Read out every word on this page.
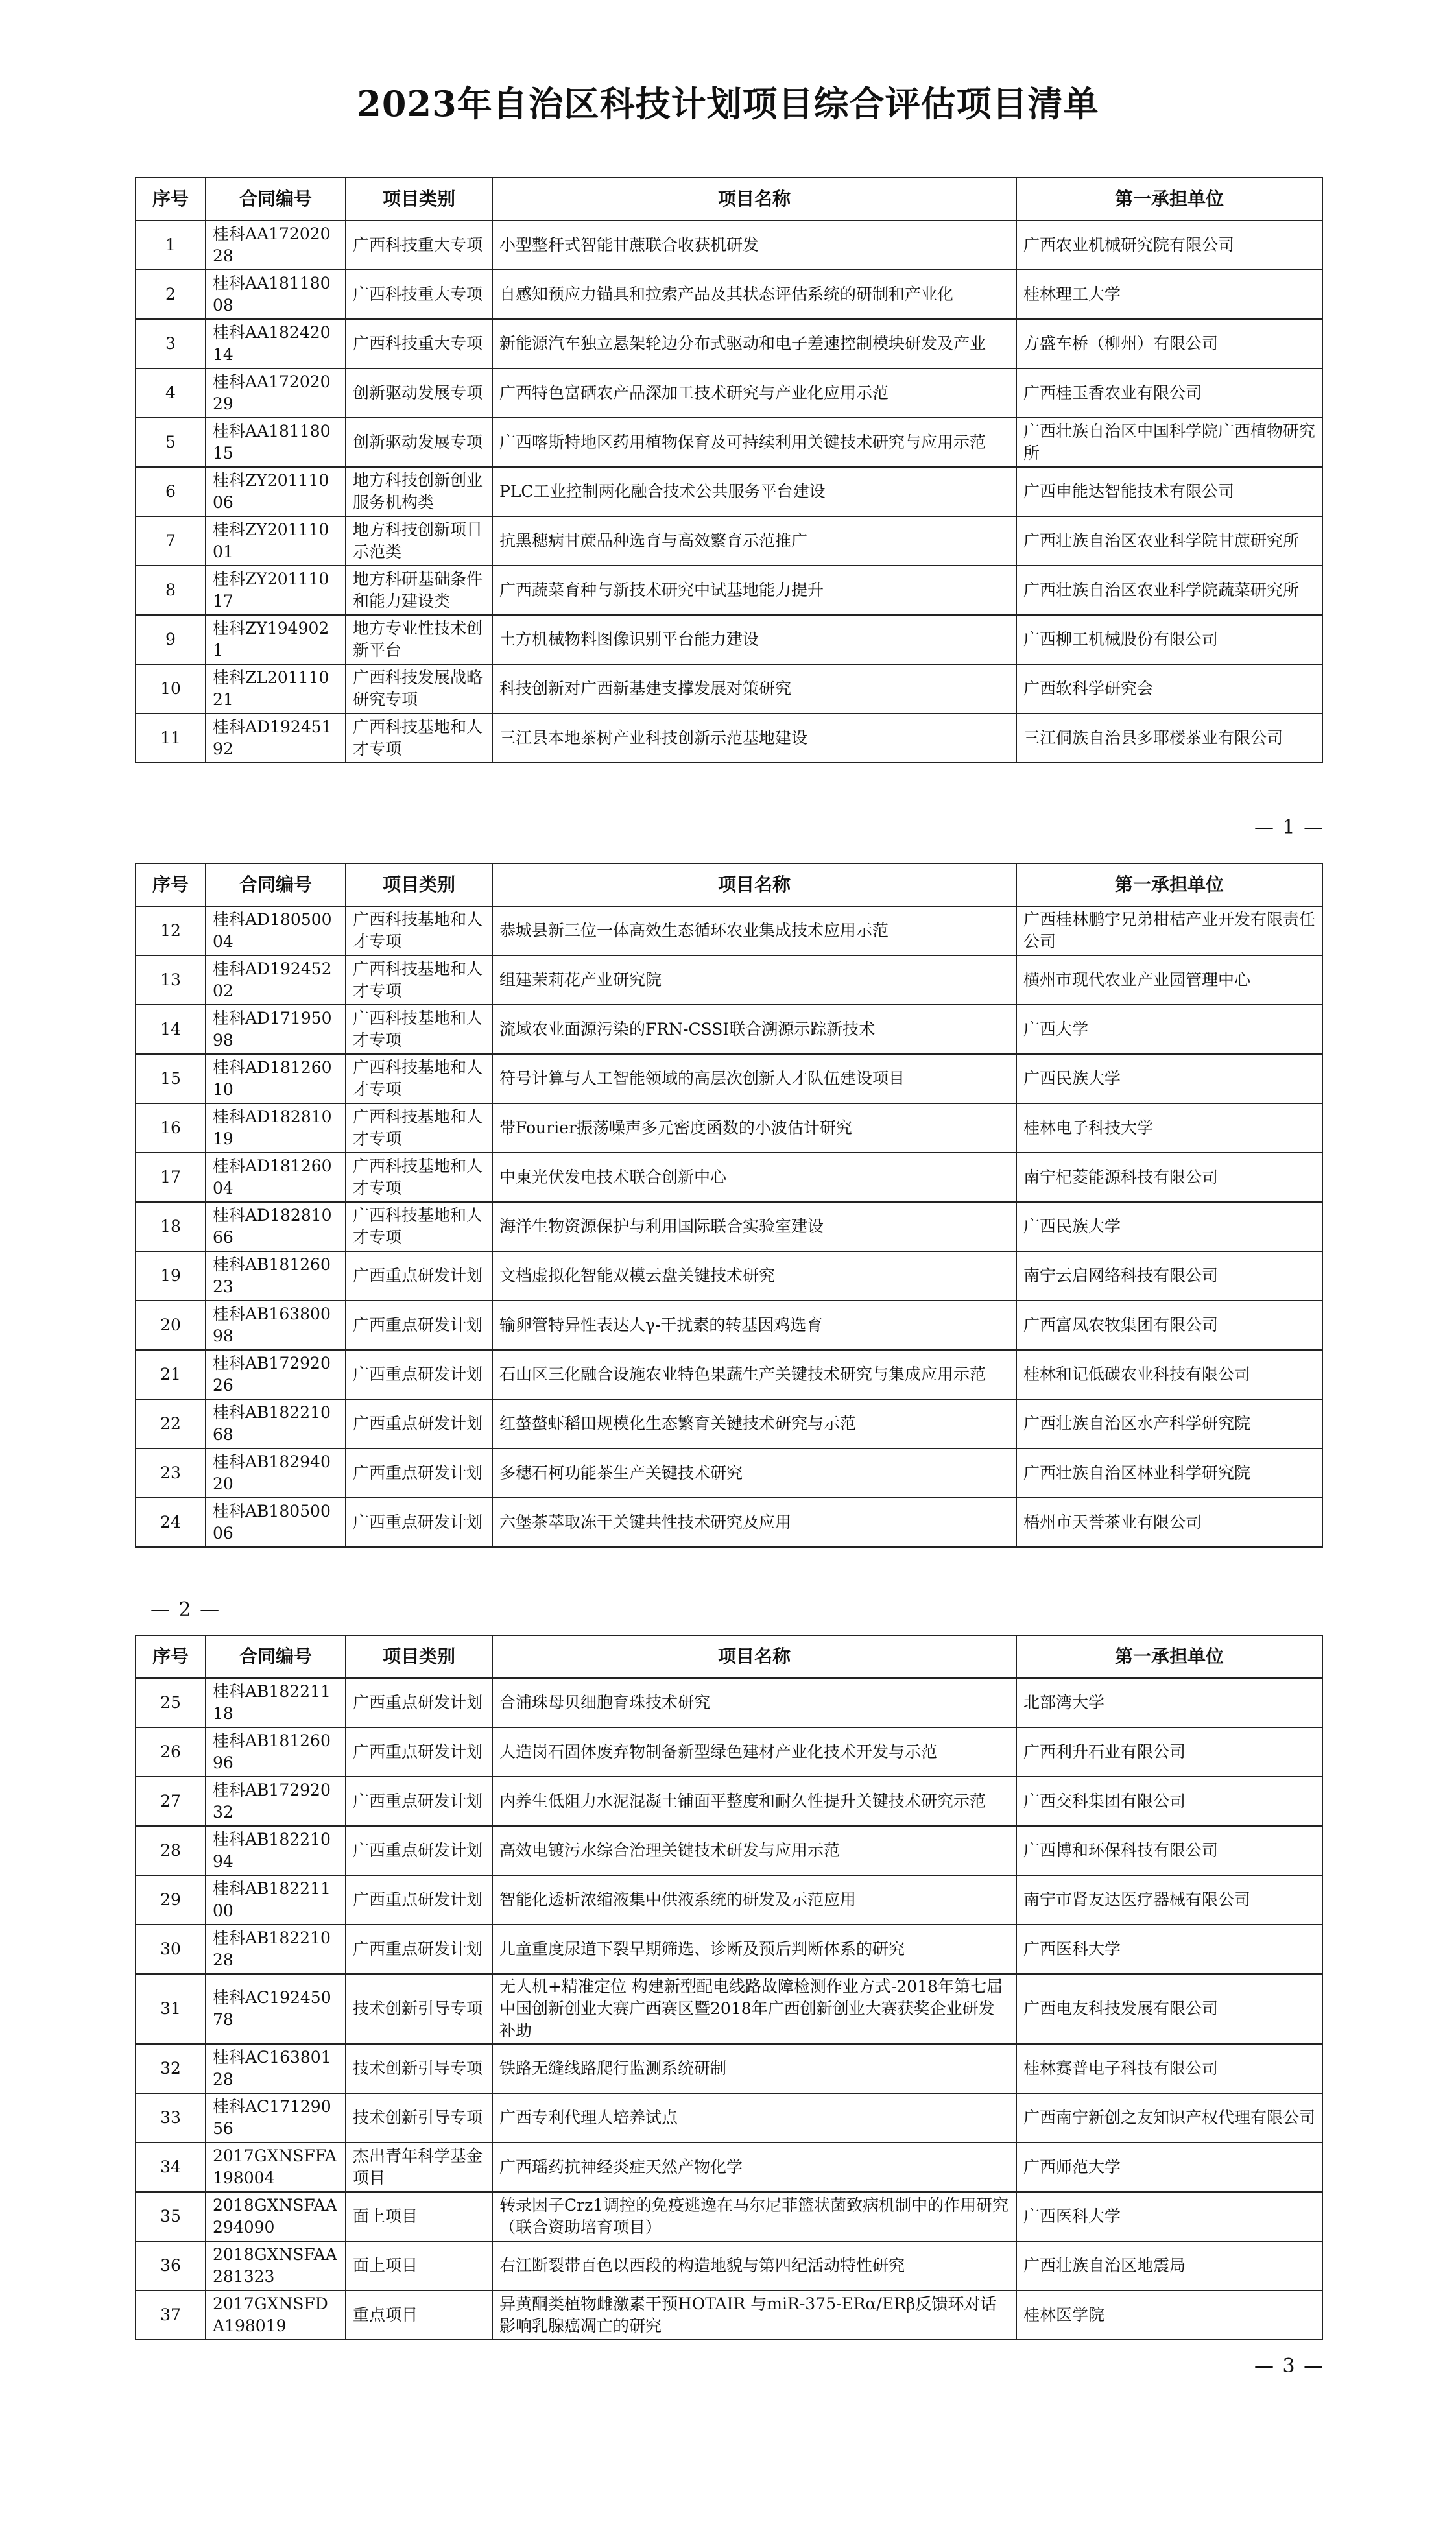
2023年自治区科技计划项目综合评估项目清单
序号	合同编号	项目类别	项目名称	第一承担单位
1	桂科AA17202028	广西科技重大专项	小型整秆式智能甘蔗联合收获机研发	广西农业机械研究院有限公司
2	桂科AA18118008	广西科技重大专项	自感知预应力锚具和拉索产品及其状态评估系统的研制和产业化	桂林理工大学
3	桂科AA18242014	广西科技重大专项	新能源汽车独立悬架轮边分布式驱动和电子差速控制模块研发及产业	方盛车桥（柳州）有限公司
4	桂科AA17202029	创新驱动发展专项	广西特色富硒农产品深加工技术研究与产业化应用示范	广西桂玉香农业有限公司
5	桂科AA18118015	创新驱动发展专项	广西喀斯特地区药用植物保育及可持续利用关键技术研究与应用示范	广西壮族自治区中国科学院广西植物研究所
6	桂科ZY20111006	地方科技创新创业服务机构类	PLC工业控制两化融合技术公共服务平台建设	广西申能达智能技术有限公司
7	桂科ZY20111001	地方科技创新项目示范类	抗黑穗病甘蔗品种选育与高效繁育示范推广	广西壮族自治区农业科学院甘蔗研究所
8	桂科ZY20111017	地方科研基础条件和能力建设类	广西蔬菜育种与新技术研究中试基地能力提升	广西壮族自治区农业科学院蔬菜研究所
9	桂科ZY1949021	地方专业性技术创新平台	土方机械物料图像识别平台能力建设	广西柳工机械股份有限公司
10	桂科ZL20111021	广西科技发展战略研究专项	科技创新对广西新基建支撑发展对策研究	广西软科学研究会
11	桂科AD19245192	广西科技基地和人才专项	三江县本地茶树产业科技创新示范基地建设	三江侗族自治县多耶楼茶业有限公司
— 1 —
序号	合同编号	项目类别	项目名称	第一承担单位
12	桂科AD18050004	广西科技基地和人才专项	恭城县新三位一体高效生态循环农业集成技术应用示范	广西桂林鹏宇兄弟柑桔产业开发有限责任公司
13	桂科AD19245202	广西科技基地和人才专项	组建茉莉花产业研究院	横州市现代农业产业园管理中心
14	桂科AD17195098	广西科技基地和人才专项	流域农业面源污染的FRN-CSSI联合溯源示踪新技术	广西大学
15	桂科AD18126010	广西科技基地和人才专项	符号计算与人工智能领域的高层次创新人才队伍建设项目	广西民族大学
16	桂科AD18281019	广西科技基地和人才专项	带Fourier振荡噪声多元密度函数的小波估计研究	桂林电子科技大学
17	桂科AD18126004	广西科技基地和人才专项	中東光伏发电技术联合创新中心	南宁杞菱能源科技有限公司
18	桂科AD18281066	广西科技基地和人才专项	海洋生物资源保护与利用国际联合实验室建设	广西民族大学
19	桂科AB18126023	广西重点研发计划	文档虚拟化智能双模云盘关键技术研究	南宁云启网络科技有限公司
20	桂科AB16380098	广西重点研发计划	输卵管特异性表达人γ-干扰素的转基因鸡选育	广西富凤农牧集团有限公司
21	桂科AB17292026	广西重点研发计划	石山区三化融合设施农业特色果蔬生产关键技术研究与集成应用示范	桂林和记低碳农业科技有限公司
22	桂科AB18221068	广西重点研发计划	红螯螯虾稻田规模化生态繁育关键技术研究与示范	广西壮族自治区水产科学研究院
23	桂科AB18294020	广西重点研发计划	多穗石柯功能茶生产关键技术研究	广西壮族自治区林业科学研究院
24	桂科AB18050006	广西重点研发计划	六堡茶萃取冻干关键共性技术研究及应用	梧州市天誉茶业有限公司
— 2 —
序号	合同编号	项目类别	项目名称	第一承担单位
25	桂科AB18221118	广西重点研发计划	合浦珠母贝细胞育珠技术研究	北部湾大学
26	桂科AB18126096	广西重点研发计划	人造岗石固体废弃物制备新型绿色建材产业化技术开发与示范	广西利升石业有限公司
27	桂科AB17292032	广西重点研发计划	内养生低阻力水泥混凝土铺面平整度和耐久性提升关键技术研究示范	广西交科集团有限公司
28	桂科AB18221094	广西重点研发计划	高效电镀污水综合治理关键技术研发与应用示范	广西博和环保科技有限公司
29	桂科AB18221100	广西重点研发计划	智能化透析浓缩液集中供液系统的研发及示范应用	南宁市肾友达医疗器械有限公司
30	桂科AB18221028	广西重点研发计划	儿童重度尿道下裂早期筛选、诊断及预后判断体系的研究	广西医科大学
31	桂科AC19245078	技术创新引导专项	无人机+精准定位 构建新型配电线路故障检测作业方式-2018年第七届中国创新创业大赛广西赛区暨2018年广西创新创业大赛获奖企业研发补助	广西电友科技发展有限公司
32	桂科AC16380128	技术创新引导专项	铁路无缝线路爬行监测系统研制	桂林赛普电子科技有限公司
33	桂科AC17129056	技术创新引导专项	广西专利代理人培养试点	广西南宁新创之友知识产权代理有限公司
34	2017GXNSFFA198004	杰出青年科学基金项目	广西瑶药抗神经炎症天然产物化学	广西师范大学
35	2018GXNSFAA294090	面上项目	转录因子Crz1调控的免疫逃逸在马尔尼菲篮状菌致病机制中的作用研究（联合资助培育项目）	广西医科大学
36	2018GXNSFAA281323	面上项目	右江断裂带百色以西段的构造地貌与第四纪活动特性研究	广西壮族自治区地震局
37	2017GXNSFDA198019	重点项目	异黄酮类植物雌激素干预HOTAIR 与miR-375-ERα/ERβ反馈环对话影响乳腺癌凋亡的研究	桂林医学院
— 3 —
